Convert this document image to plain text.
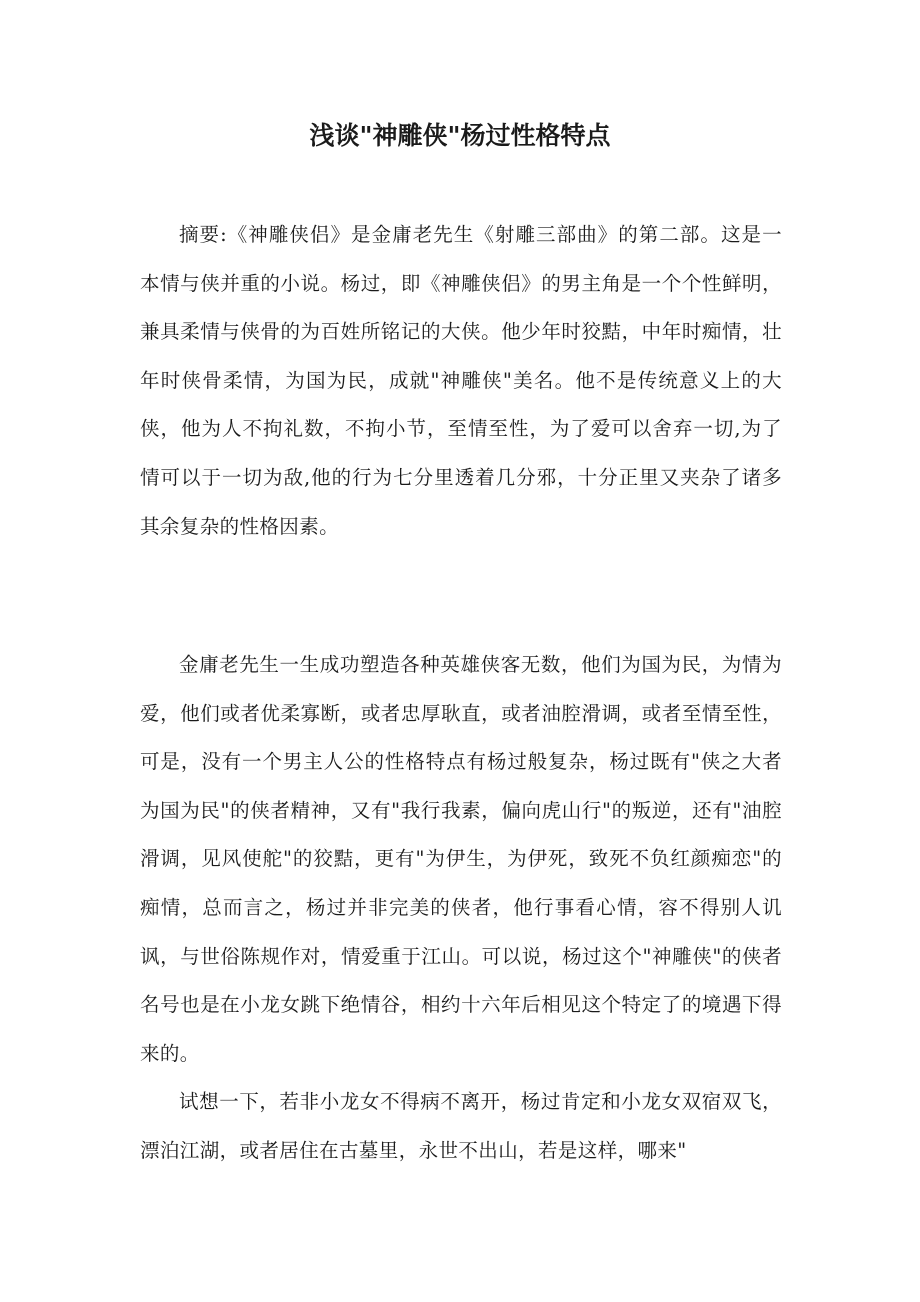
浅谈"神雕侠"杨过性格特点

摘要:《神雕侠侣》是金庸老先生《射雕三部曲》的第二部。这是一本情与侠并重的小说。杨过，即《神雕侠侣》的男主角是一个个性鲜明，兼具柔情与侠骨的为百姓所铭记的大侠。他少年时狡黠，中年时痴情，壮年时侠骨柔情，为国为民，成就"神雕侠"美名。他不是传统意义上的大侠，他为人不拘礼数，不拘小节，至情至性，为了爱可以舍弃一切,为了情可以于一切为敌,他的行为七分里透着几分邪，十分正里又夹杂了诸多其余复杂的性格因素。

金庸老先生一生成功塑造各种英雄侠客无数，他们为国为民，为情为爱，他们或者优柔寡断，或者忠厚耿直，或者油腔滑调，或者至情至性，可是，没有一个男主人公的性格特点有杨过般复杂，杨过既有"侠之大者为国为民"的侠者精神，又有"我行我素，偏向虎山行"的叛逆，还有"油腔滑调，见风使舵"的狡黠，更有"为伊生，为伊死，致死不负红颜痴恋"的痴情，总而言之，杨过并非完美的侠者，他行事看心情，容不得别人讥讽，与世俗陈规作对，情爱重于江山。可以说，杨过这个"神雕侠"的侠者名号也是在小龙女跳下绝情谷，相约十六年后相见这个特定了的境遇下得来的。

试想一下，若非小龙女不得病不离开，杨过肯定和小龙女双宿双飞，漂泊江湖，或者居住在古墓里，永世不出山，若是这样，哪来"
